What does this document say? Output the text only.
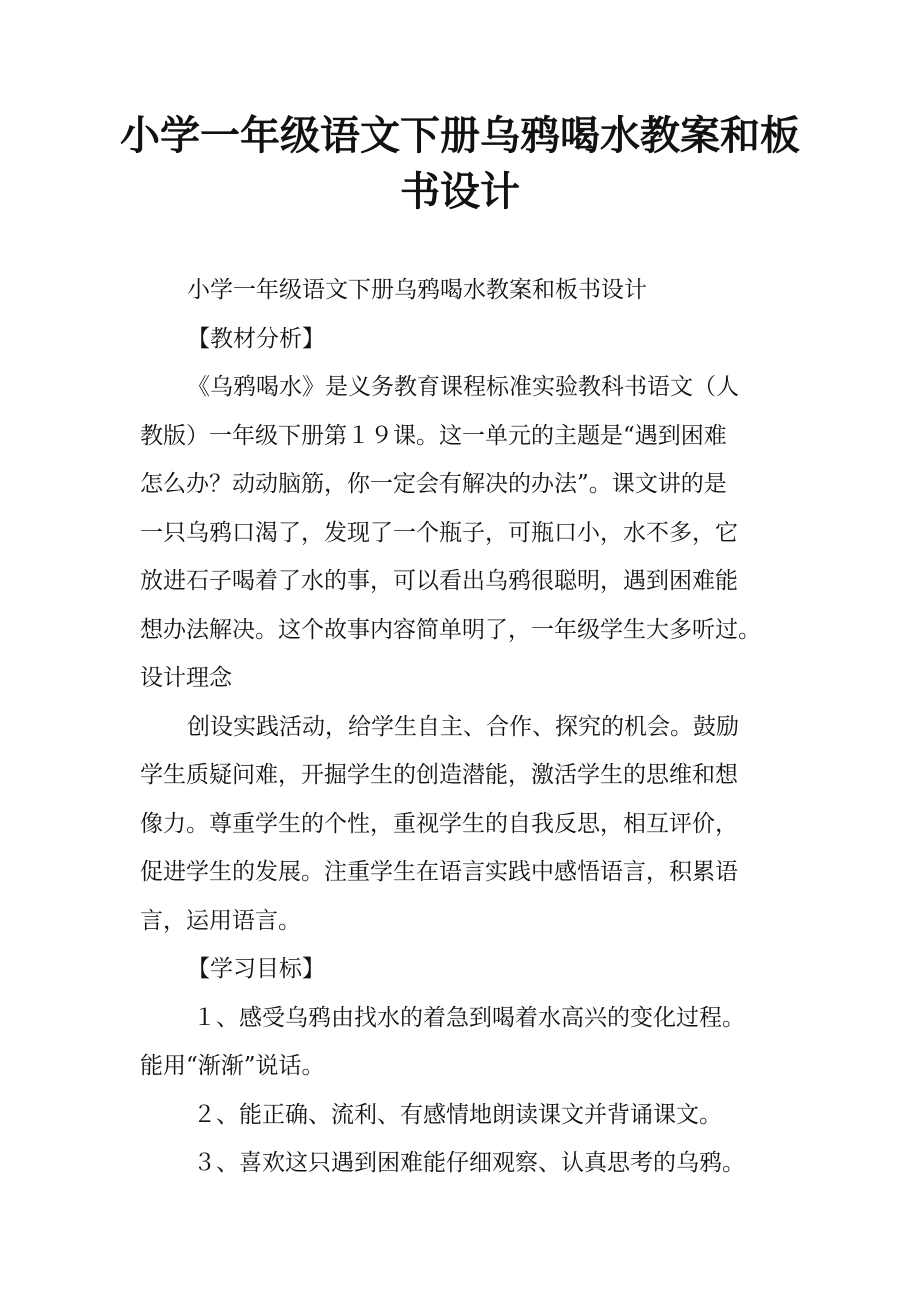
小学一年级语文下册乌鸦喝水教案和板
书设计

小学一年级语文下册乌鸦喝水教案和板书设计

【教材分析】

《乌鸦喝水》是义务教育课程标准实验教科书语文（人

教版）一年级下册第１９课。这一单元的主题是“遇到困难

怎么办？动动脑筋，你一定会有解决的办法”。课文讲的是

一只乌鸦口渴了，发现了一个瓶子，可瓶口小，水不多，它

放进石子喝着了水的事，可以看出乌鸦很聪明，遇到困难能

想办法解决。这个故事内容简单明了，一年级学生大多听过。

设计理念

创设实践活动，给学生自主、合作、探究的机会。鼓励

学生质疑问难，开掘学生的创造潜能，激活学生的思维和想

像力。尊重学生的个性，重视学生的自我反思，相互评价，

促进学生的发展。注重学生在语言实践中感悟语言，积累语

言，运用语言。

【学习目标】

１、感受乌鸦由找水的着急到喝着水高兴的变化过程。

能用“渐渐”说话。

２、能正确、流利、有感情地朗读课文并背诵课文。

３、喜欢这只遇到困难能仔细观察、认真思考的乌鸦。
